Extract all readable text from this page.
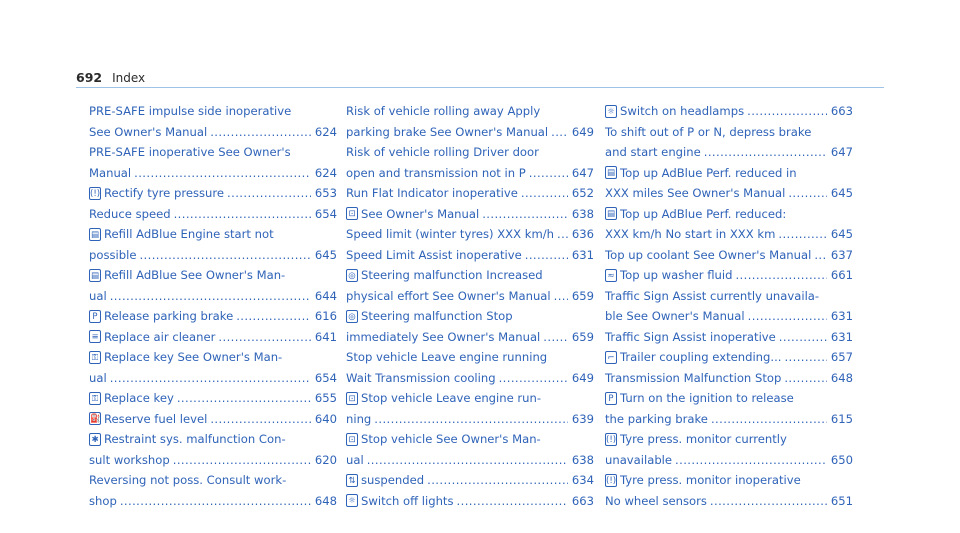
692 Index
PRE-SAFE impulse side inoperative
See Owner's Manual .....	624
PRE-SAFE inoperative See Owner's
Manual .....	624
(!) Rectify tyre pressure .....	653
Reduce speed .....	654
▤ Refill AdBlue Engine start not
possible .....	645
▤ Refill AdBlue See Owner's Man-
ual .....	644
P Release parking brake .....	616
≡ Replace air cleaner .....	641
⚿ Replace key See Owner's Man-
ual .....	654
⚿ Replace key .....	655
⛽ Reserve fuel level .....	640
✱ Restraint sys. malfunction Con-
sult workshop .....	620
Reversing not poss. Consult work-
shop .....	648
Risk of vehicle rolling away Apply
parking brake See Owner's Manual ..... 649
Risk of vehicle rolling Driver door
open and transmission not in P .....	647
Run Flat Indicator inoperative .....	652
⊡ See Owner's Manual .....	638
Speed limit (winter tyres) XXX km/h ..... 636
Speed Limit Assist inoperative .....	631
◎ Steering malfunction Increased
physical effort See Owner's Manual ..... 659
◎ Steering malfunction Stop
immediately See Owner's Manual .....	659
Stop vehicle Leave engine running
Wait Transmission cooling .....	649
⊡ Stop vehicle Leave engine run-
ning .....	639
⊡ Stop vehicle See Owner's Man-
ual .....	638
⇅ suspended .....	634
☼ Switch off lights .....	663
☼ Switch on headlamps .....	663
To shift out of P or N, depress brake
and start engine .....	647
▤ Top up AdBlue Perf. reduced in
XXX miles See Owner's Manual .....	645
▤ Top up AdBlue Perf. reduced:
XXX km/h No start in XXX km .....	645
Top up coolant See Owner's Manual ..... 637
≈ Top up washer fluid .....	661
Traffic Sign Assist currently unavaila-
ble See Owner's Manual .....	631
Traffic Sign Assist inoperative .....	631
⌐ Trailer coupling extending... .....	657
Transmission Malfunction Stop .....	648
P Turn on the ignition to release
the parking brake .....	615
(!) Tyre press. monitor currently
unavailable .....	650
(!) Tyre press. monitor inoperative
No wheel sensors .....	651
